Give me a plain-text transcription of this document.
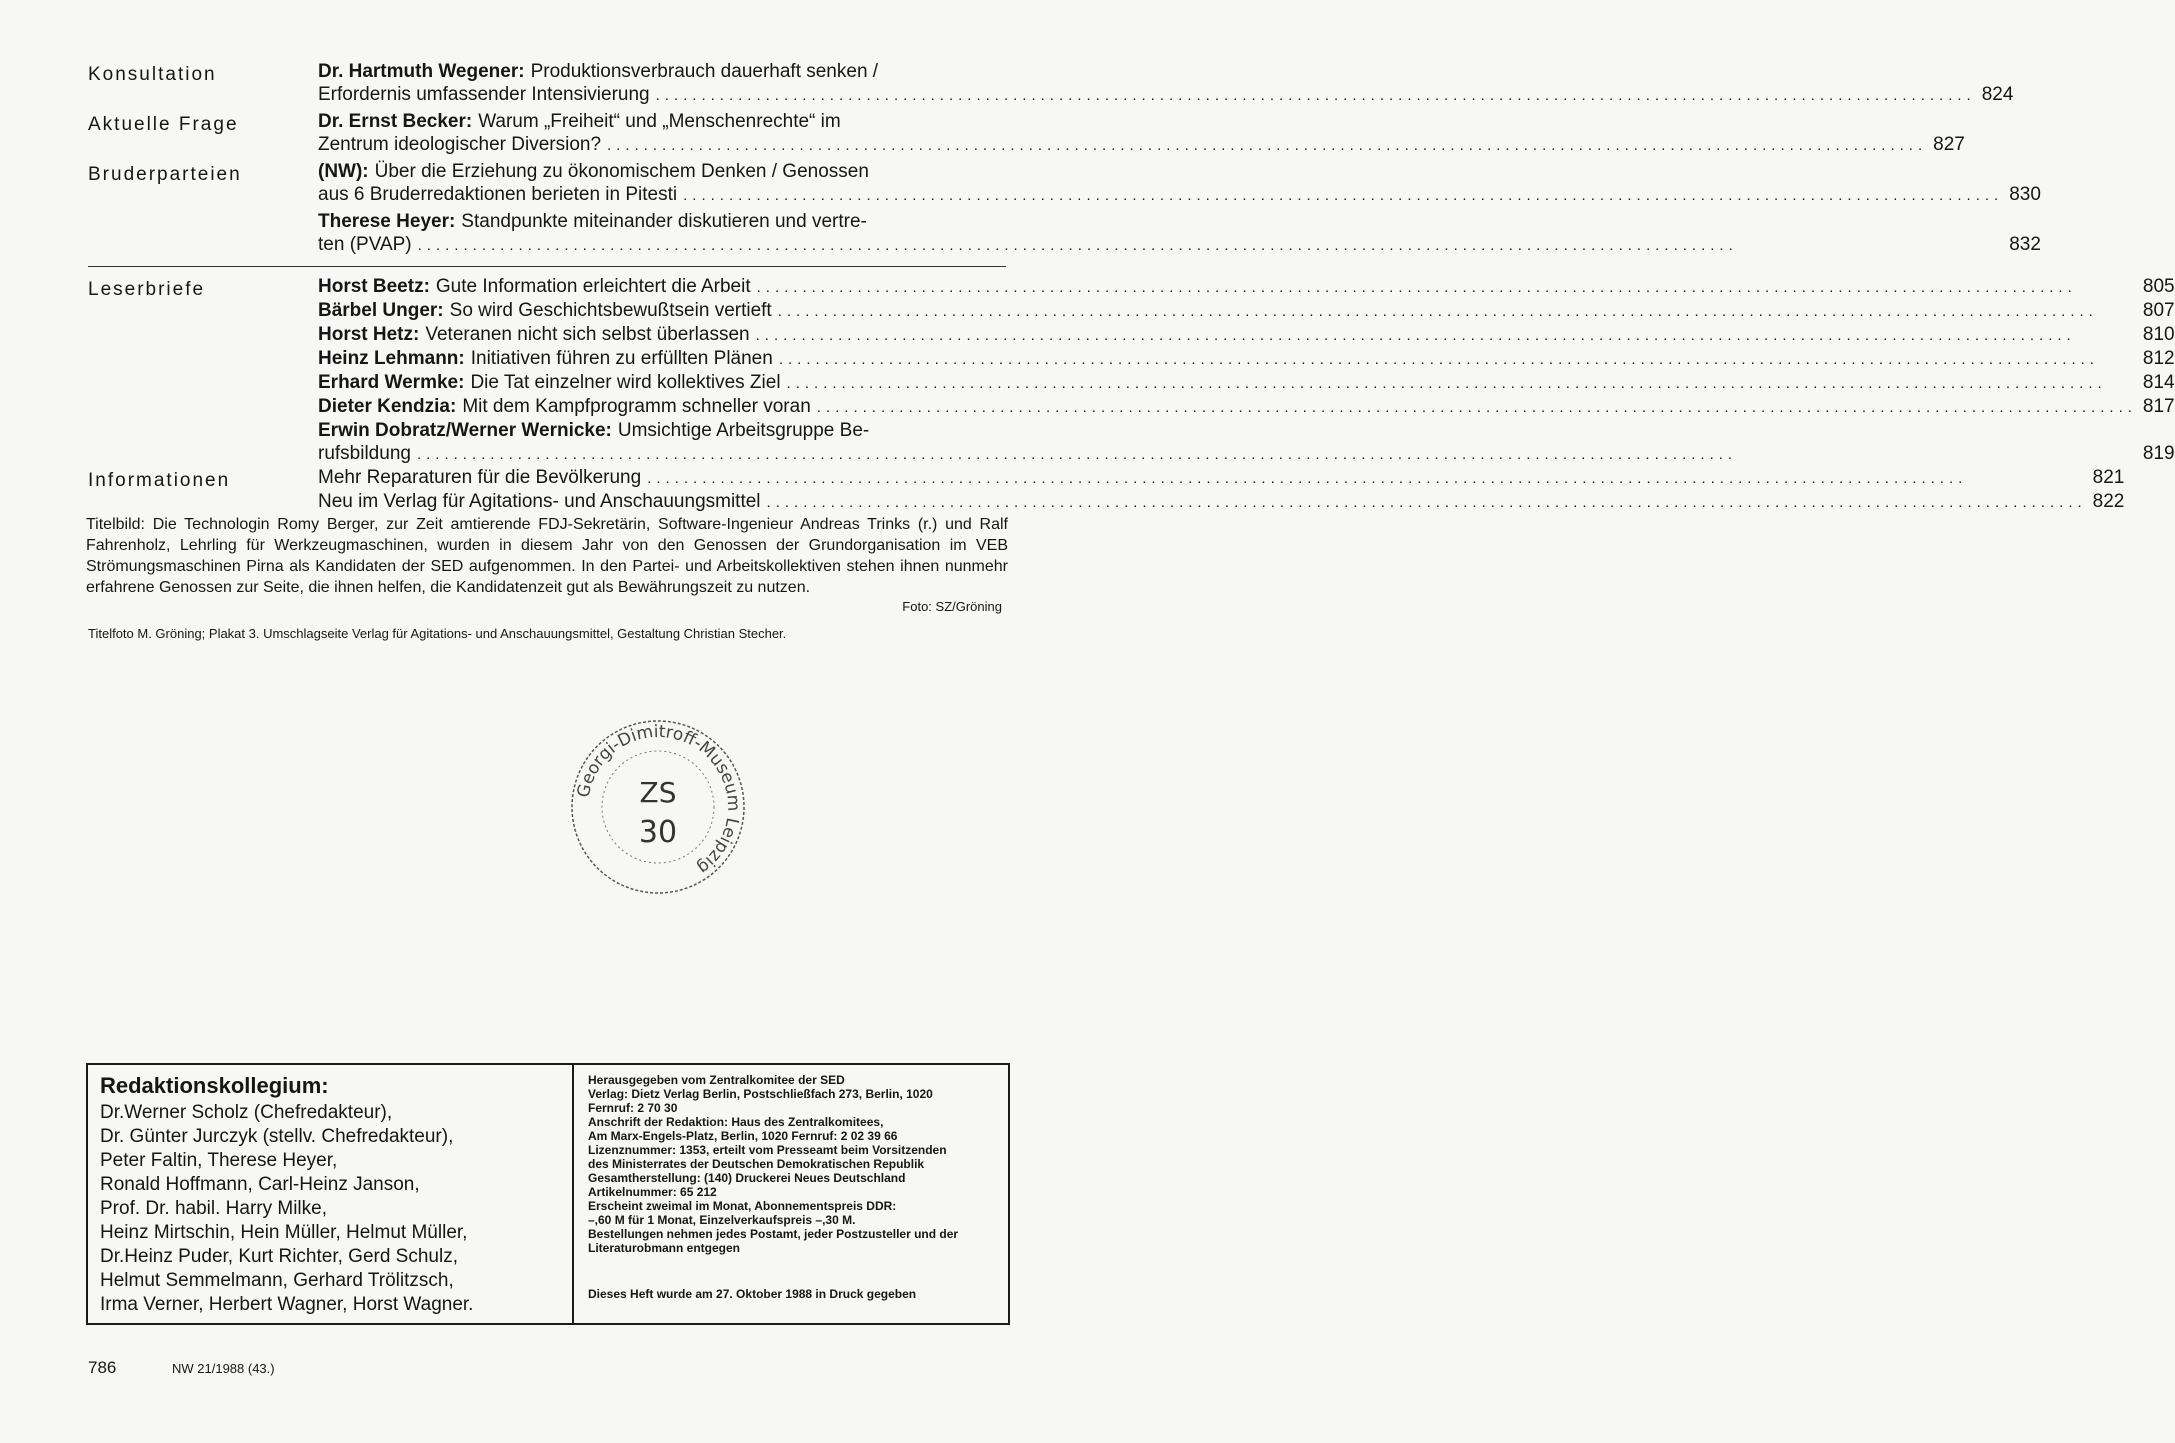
Konsultation	Dr. Hartmuth Wegener: Produktionsverbrauch dauerhaft senken /
Erfordernis umfassender Intensivierung .....	824
Aktuelle Frage	Dr. Ernst Becker: Warum „Freiheit“ und „Menschenrechte“ im
Zentrum ideologischer Diversion? .....	827
Bruderparteien	(NW): Über die Erziehung zu ökonomischem Denken / Genossen
aus 6 Bruderredaktionen berieten in Pitesti .....	830
Therese Heyer: Standpunkte miteinander diskutieren und vertre-
ten (PVAP) .....	832
Leserbriefe	Horst Beetz: Gute Information erleichtert die Arbeit .....	805
Bärbel Unger: So wird Geschichtsbewußtsein vertieft .....	807
Horst Hetz: Veteranen nicht sich selbst überlassen .....	810
Heinz Lehmann: Initiativen führen zu erfüllten Plänen .....	812
Erhard Wermke: Die Tat einzelner wird kollektives Ziel .....	814
Dieter Kendzia: Mit dem Kampfprogramm schneller voran .....	817
Erwin Dobratz/Werner Wernicke: Umsichtige Arbeitsgruppe Be-
rufsbildung .....	819
Informationen	Mehr Reparaturen für die Bevölkerung .....	821
Neu im Verlag für Agitations- und Anschauungsmittel .....	822
Titelbild: Die Technologin Romy Berger, zur Zeit amtierende FDJ-Sekretärin, Software-Ingenieur Andreas Trinks (r.) und Ralf Fahrenholz, Lehrling für Werkzeugmaschinen, wurden in diesem Jahr von den Genossen der Grundorganisation im VEB Strömungsmaschinen Pirna als Kandidaten der SED aufgenommen. In den Partei- und Arbeitskollektiven stehen ihnen nunmehr erfahrene Genossen zur Seite, die ihnen helfen, die Kandidatenzeit gut als Bewährungszeit zu nutzen.
Foto: SZ/Gröning
Titelfoto M. Gröning; Plakat 3. Umschlagseite Verlag für Agitations- und Anschauungsmittel, Gestaltung Christian Stecher.
Georgi-Dimitroff-Museum Leipzig
ZS
30
Redaktionskollegium:
Dr.Werner Scholz (Chefredakteur),
Dr. Günter Jurczyk (stellv. Chefredakteur),
Peter Faltin, Therese Heyer,
Ronald Hoffmann, Carl-Heinz Janson,
Prof. Dr. habil. Harry Milke,
Heinz Mirtschin, Hein Müller, Helmut Müller,
Dr.Heinz Puder, Kurt Richter, Gerd Schulz,
Helmut Semmelmann, Gerhard Trölitzsch,
Irma Verner, Herbert Wagner, Horst Wagner.
Herausgegeben vom Zentralkomitee der SED
Verlag: Dietz Verlag Berlin, Postschließfach 273, Berlin, 1020
Fernruf: 2 70 30
Anschrift der Redaktion: Haus des Zentralkomitees,
Am Marx-Engels-Platz, Berlin, 1020 Fernruf: 2 02 39 66
Lizenznummer: 1353, erteilt vom Presseamt beim Vorsitzenden
des Ministerrates der Deutschen Demokratischen Republik
Gesamtherstellung: (140) Druckerei Neues Deutschland
Artikelnummer: 65 212
Erscheint zweimal im Monat, Abonnementspreis DDR:
–,60 M für 1 Monat, Einzelverkaufspreis –,30 M.
Bestellungen nehmen jedes Postamt, jeder Postzusteller und der
Literaturobmann entgegen
Dieses Heft wurde am 27. Oktober 1988 in Druck gegeben
786	NW 21/1988 (43.)
